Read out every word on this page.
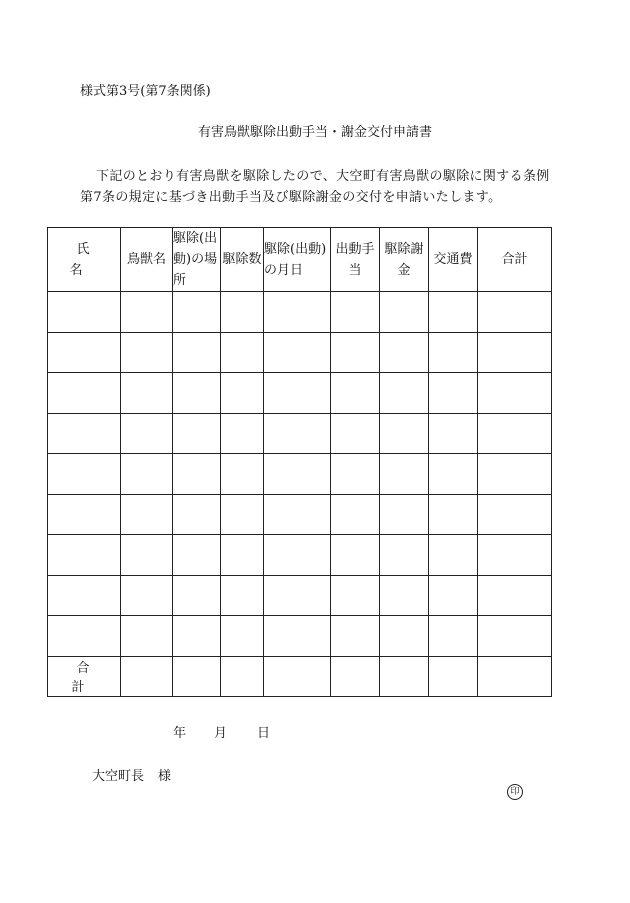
様式第3号(第7条関係)
有害鳥獣駆除出動手当・謝金交付申請書
下記のとおり有害鳥獣を駆除したので、大空町有害鳥獣の駆除に関する条例
第7条の規定に基づき出動手当及び駆除謝金の交付を申請いたします。
氏　名	鳥獣名	駆除(出動)の場所	駆除数	駆除(出動)の月日	出動手当	駆除謝金	交通費	合計

合　計								
年 月 日
大空町長 様
印
